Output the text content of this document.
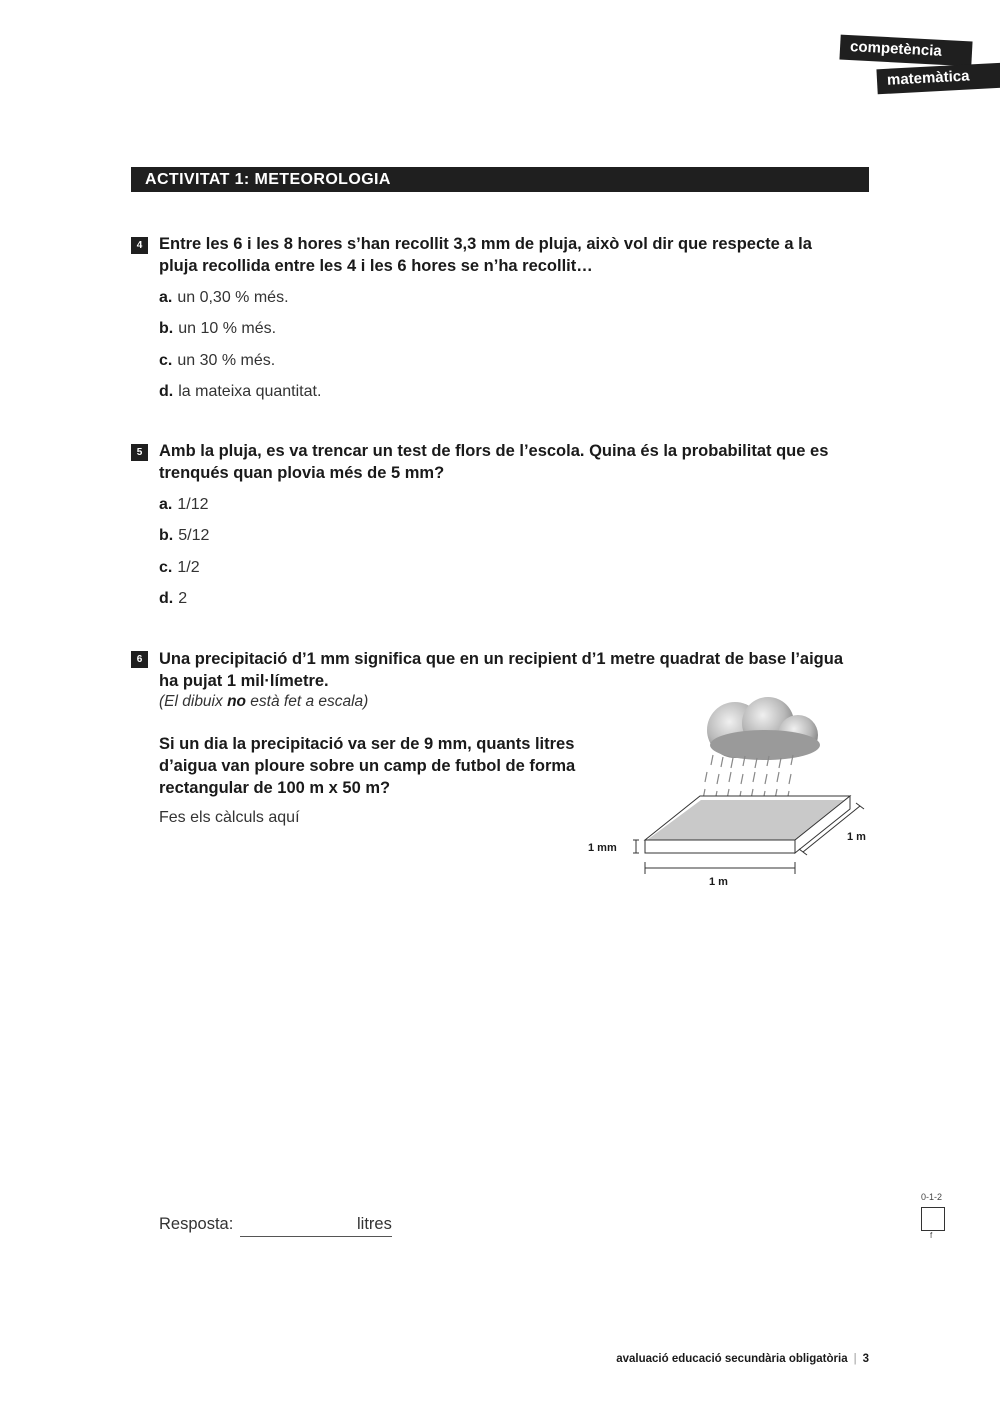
competència
matemàtica
ACTIVITAT 1: METEOROLOGIA
4	Entre les 6 i les 8 hores s’han recollit 3,3 mm de pluja, això vol dir que respecte a la
pluja recollida entre les 4 i les 6 hores se n’ha recollit…
a. un 0,30 % més.
b. un 10 % més.
c. un 30 % més.
d. la mateixa quantitat.
5	Amb la pluja, es va trencar un test de flors de l’escola. Quina és la probabilitat que es
trenqués quan plovia més de 5 mm?
a. 1/12
b. 5/12
c. 1/2
d. 2
6	Una precipitació d’1 mm significa que en un recipient d’1 metre quadrat de base l’aigua
ha pujat 1 mil·límetre.
(El dibuix no està fet a escala)
Si un dia la precipitació va ser de 9 mm, quants litres
d’aigua van ploure sobre un camp de futbol de forma
rectangular de 100 m x 50 m?
Fes els càlculs aquí
1 mm
1 m
1 m
Resposta:	litres
0-1-2
f
avaluació educació secundària obligatòria | 3
